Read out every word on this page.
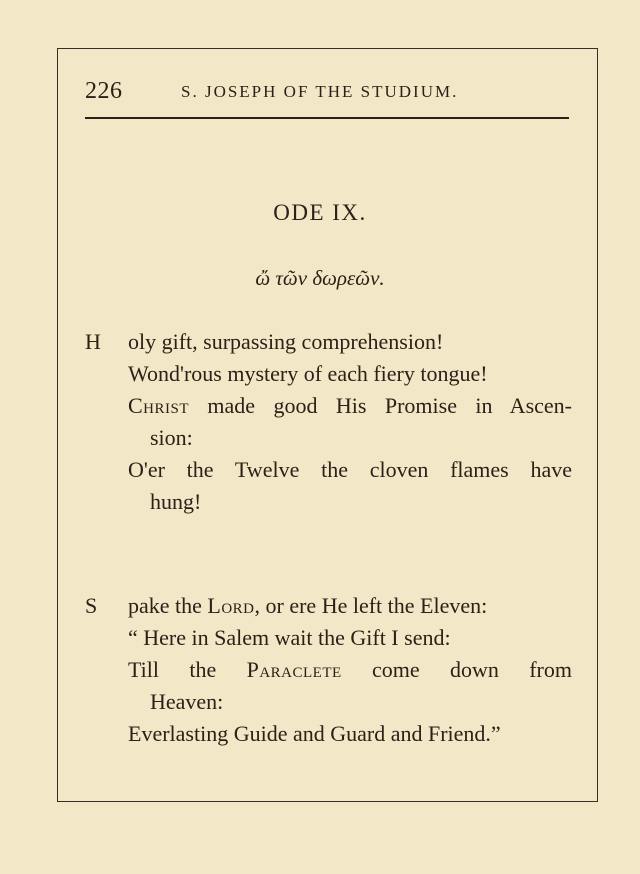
226	S. JOSEPH OF THE STUDIUM.
ODE IX.
ὤ τῶν δωρεῶν.
H oly gift, surpassing comprehension!
Wond'rous mystery of each fiery tongue!
Christ made good His Promise in Ascen-
sion:
O'er the Twelve the cloven flames have
hung!
S pake the Lord, or ere He left the Eleven:
“ Here in Salem wait the Gift I send:
Till the Paraclete come down from
Heaven:
Everlasting Guide and Guard and Friend.”
